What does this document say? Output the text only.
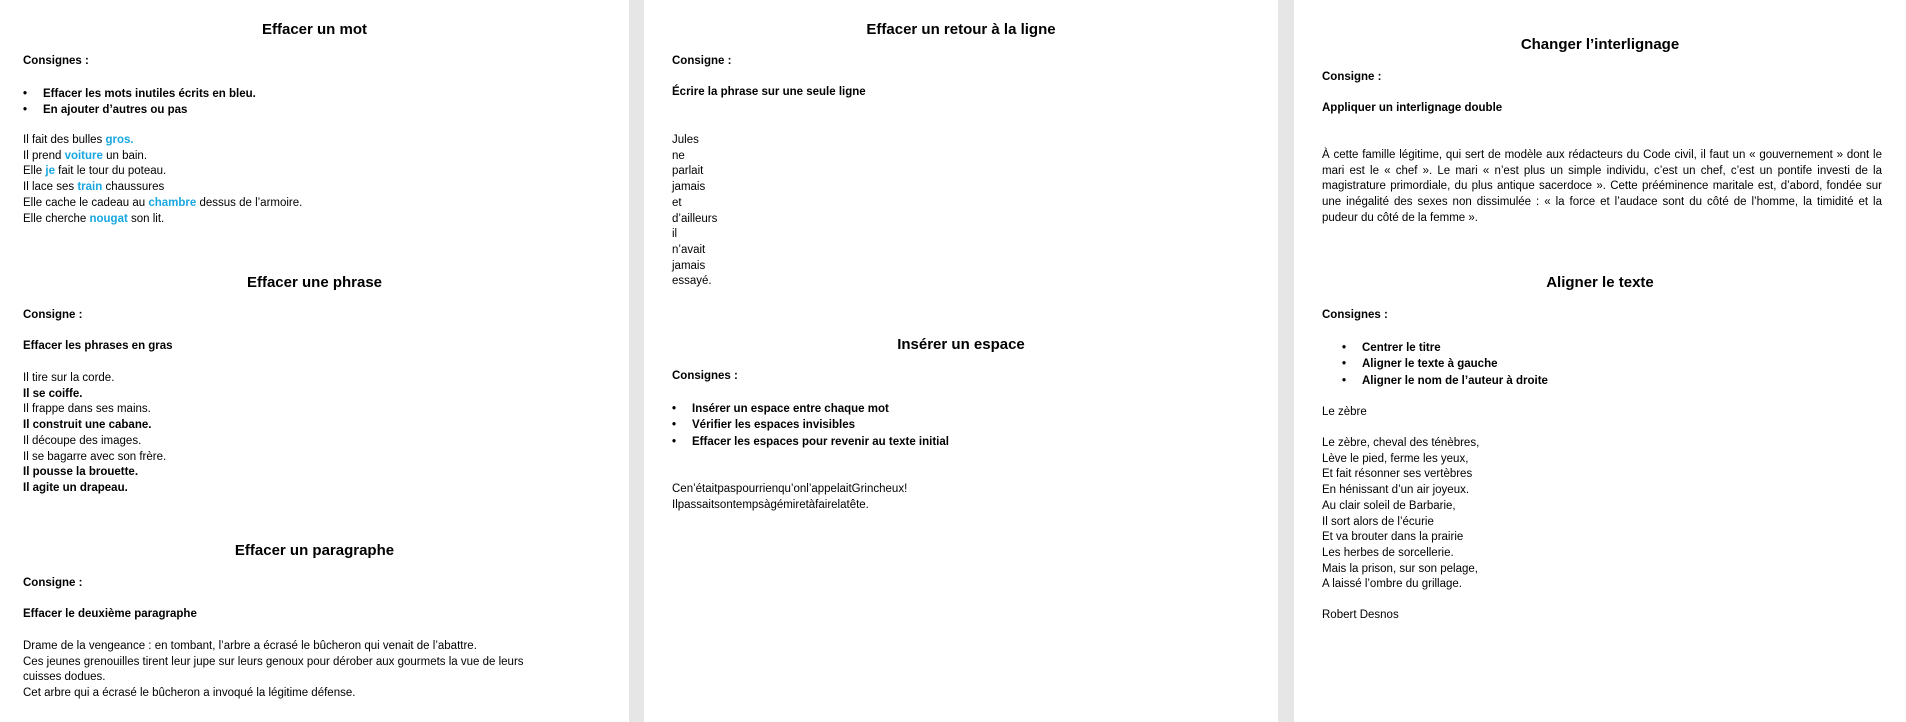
Effacer un mot
Consignes :
• Effacer les mots inutiles écrits en bleu.
• En ajouter d’autres ou pas
Il fait des bulles gros.
Il prend voiture un bain.
Elle je fait le tour du poteau.
Il lace ses train chaussures
Elle cache le cadeau au chambre dessus de l’armoire.
Elle cherche nougat son lit.
Effacer une phrase
Consigne :
Effacer les phrases en gras
Il tire sur la corde.
Il se coiffe.
Il frappe dans ses mains.
Il construit une cabane.
Il découpe des images.
Il se bagarre avec son frère.
Il pousse la brouette.
Il agite un drapeau.
Effacer un paragraphe
Consigne :
Effacer le deuxième paragraphe
Drame de la vengeance : en tombant, l’arbre a écrasé le bûcheron qui venait de l’abattre.
Ces jeunes grenouilles tirent leur jupe sur leurs genoux pour dérober aux gourmets la vue de leurs cuisses dodues.
Cet arbre qui a écrasé le bûcheron a invoqué la légitime défense.
Effacer un retour à la ligne
Consigne :
Écrire la phrase sur une seule ligne
Jules
ne
parlait
jamais
et
d’ailleurs
il
n’avait
jamais
essayé.
Insérer un espace
Consignes :
• Insérer un espace entre chaque mot
• Vérifier les espaces invisibles
• Effacer les espaces pour revenir au texte initial
Cen’étaitpaspourrienqu’onl’appelaitGrincheux!
Ilpassaitsontempsàgémiretàfairelatête.
Changer l’interlignage
Consigne :
Appliquer un interlignage double
À cette famille légitime, qui sert de modèle aux rédacteurs du Code civil, il faut un « gouvernement » dont le mari est le « chef ». Le mari « n’est plus un simple individu, c’est un chef, c’est un pontife investi de la magistrature primordiale, du plus antique sacerdoce ». Cette prééminence maritale est, d’abord, fondée sur une inégalité des sexes non dissimulée : « la force et l’audace sont du côté de l’homme, la timidité et la pudeur du côté de la femme ».
Aligner le texte
Consignes :
• Centrer le titre
• Aligner le texte à gauche
• Aligner le nom de l’auteur à droite
Le zèbre
Le zèbre, cheval des ténèbres,
Lève le pied, ferme les yeux,
Et fait résonner ses vertèbres
En hénissant d’un air joyeux.
Au clair soleil de Barbarie,
Il sort alors de l’écurie
Et va brouter dans la prairie
Les herbes de sorcellerie.
Mais la prison, sur son pelage,
A laissé l’ombre du grillage.
Robert Desnos
